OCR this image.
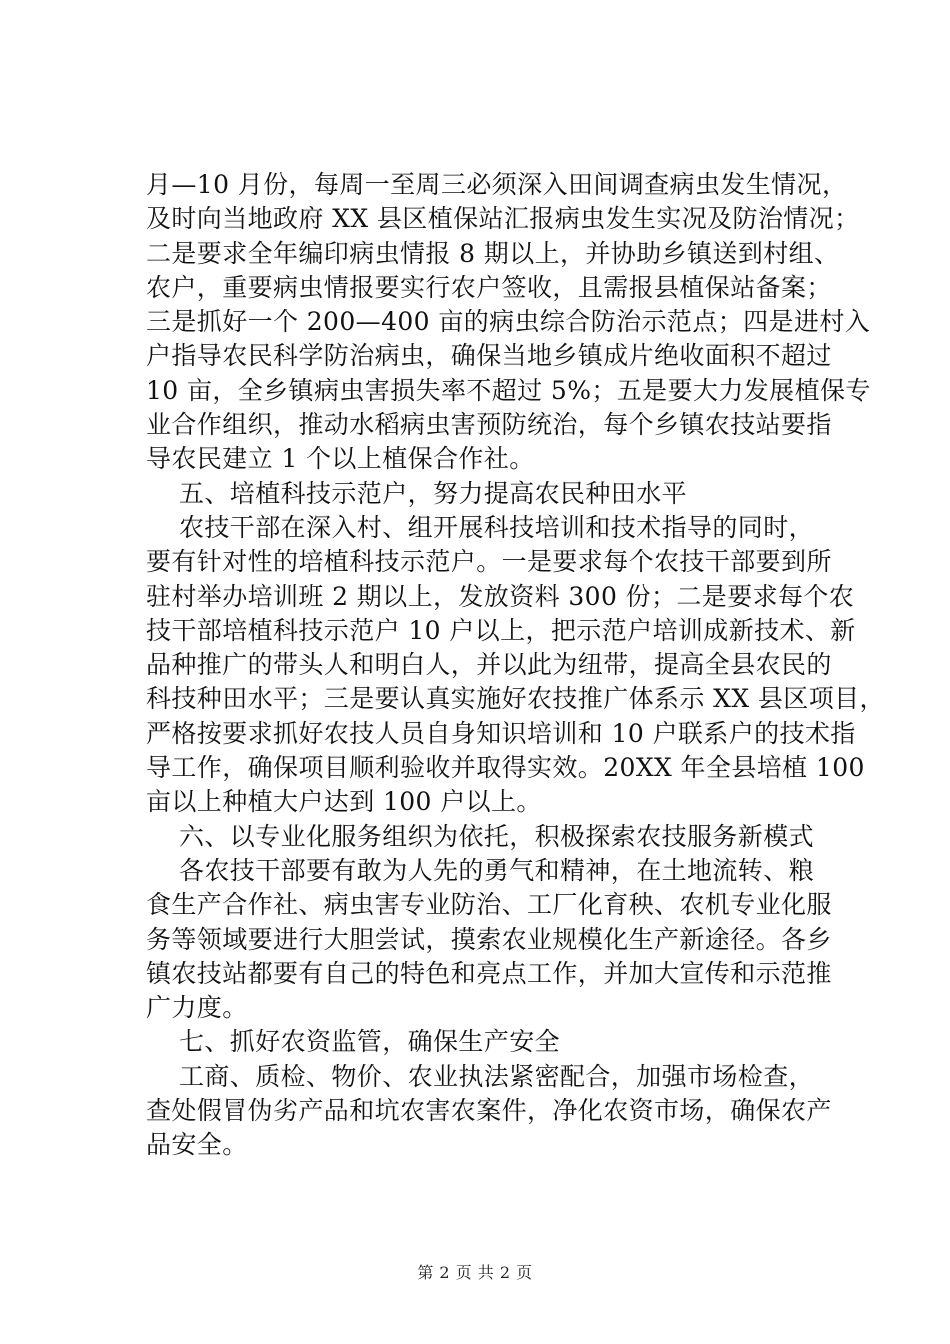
月—10 月份，每周一至周三必须深入田间调查病虫发生情况，
及时向当地政府 XX 县区植保站汇报病虫发生实况及防治情况；
二是要求全年编印病虫情报 8 期以上，并协助乡镇送到村组、
农户，重要病虫情报要实行农户签收，且需报县植保站备案；
三是抓好一个 200—400 亩的病虫综合防治示范点；四是进村入
户指导农民科学防治病虫，确保当地乡镇成片绝收面积不超过
10 亩，全乡镇病虫害损失率不超过 5%；五是要大力发展植保专
业合作组织，推动水稻病虫害预防统治，每个乡镇农技站要指
导农民建立 1 个以上植保合作社。
五、培植科技示范户，努力提高农民种田水平
农技干部在深入村、组开展科技培训和技术指导的同时，
要有针对性的培植科技示范户。一是要求每个农技干部要到所
驻村举办培训班 2 期以上，发放资料 300 份；二是要求每个农
技干部培植科技示范户 10 户以上，把示范户培训成新技术、新
品种推广的带头人和明白人，并以此为纽带，提高全县农民的
科技种田水平；三是要认真实施好农技推广体系示 XX 县区项目，
严格按要求抓好农技人员自身知识培训和 10 户联系户的技术指
导工作，确保项目顺利验收并取得实效。20XX 年全县培植 100
亩以上种植大户达到 100 户以上。
六、以专业化服务组织为依托，积极探索农技服务新模式
各农技干部要有敢为人先的勇气和精神，在土地流转、粮
食生产合作社、病虫害专业防治、工厂化育秧、农机专业化服
务等领域要进行大胆尝试，摸索农业规模化生产新途径。各乡
镇农技站都要有自己的特色和亮点工作，并加大宣传和示范推
广力度。
七、抓好农资监管，确保生产安全
工商、质检、物价、农业执法紧密配合，加强市场检查，
查处假冒伪劣产品和坑农害农案件，净化农资市场，确保农产
品安全。
第 2 页 共 2 页
